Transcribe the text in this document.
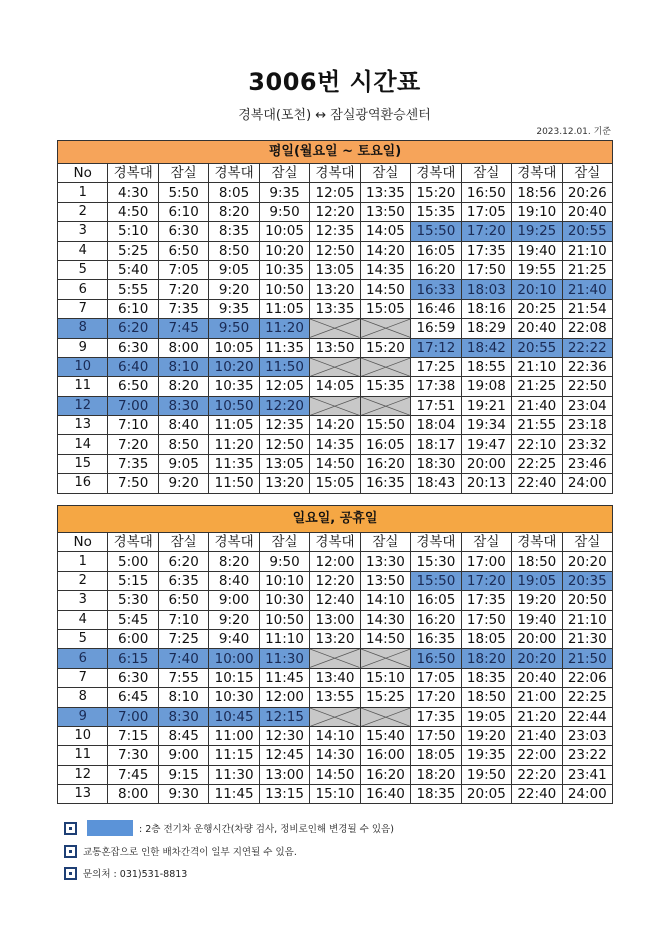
3006번 시간표
경복대(포천) ↔ 잠실광역환승센터
2023.12.01. 기준
평일(월요일 ~ 토요일)										
No	경복대	잠실	경복대	잠실	경복대	잠실	경복대	잠실	경복대	잠실
1	4:30	5:50	8:05	9:35	12:05	13:35	15:20	16:50	18:56	20:26
2	4:50	6:10	8:20	9:50	12:20	13:50	15:35	17:05	19:10	20:40
3	5:10	6:30	8:35	10:05	12:35	14:05	15:50	17:20	19:25	20:55
4	5:25	6:50	8:50	10:20	12:50	14:20	16:05	17:35	19:40	21:10
5	5:40	7:05	9:05	10:35	13:05	14:35	16:20	17:50	19:55	21:25
6	5:55	7:20	9:20	10:50	13:20	14:50	16:33	18:03	20:10	21:40
7	6:10	7:35	9:35	11:05	13:35	15:05	16:46	18:16	20:25	21:54
8	6:20	7:45	9:50	11:20			16:59	18:29	20:40	22:08
9	6:30	8:00	10:05	11:35	13:50	15:20	17:12	18:42	20:55	22:22
10	6:40	8:10	10:20	11:50			17:25	18:55	21:10	22:36
11	6:50	8:20	10:35	12:05	14:05	15:35	17:38	19:08	21:25	22:50
12	7:00	8:30	10:50	12:20			17:51	19:21	21:40	23:04
13	7:10	8:40	11:05	12:35	14:20	15:50	18:04	19:34	21:55	23:18
14	7:20	8:50	11:20	12:50	14:35	16:05	18:17	19:47	22:10	23:32
15	7:35	9:05	11:35	13:05	14:50	16:20	18:30	20:00	22:25	23:46
16	7:50	9:20	11:50	13:20	15:05	16:35	18:43	20:13	22:40	24:00
일요일, 공휴일										
No	경복대	잠실	경복대	잠실	경복대	잠실	경복대	잠실	경복대	잠실
1	5:00	6:20	8:20	9:50	12:00	13:30	15:30	17:00	18:50	20:20
2	5:15	6:35	8:40	10:10	12:20	13:50	15:50	17:20	19:05	20:35
3	5:30	6:50	9:00	10:30	12:40	14:10	16:05	17:35	19:20	20:50
4	5:45	7:10	9:20	10:50	13:00	14:30	16:20	17:50	19:40	21:10
5	6:00	7:25	9:40	11:10	13:20	14:50	16:35	18:05	20:00	21:30
6	6:15	7:40	10:00	11:30			16:50	18:20	20:20	21:50
7	6:30	7:55	10:15	11:45	13:40	15:10	17:05	18:35	20:40	22:06
8	6:45	8:10	10:30	12:00	13:55	15:25	17:20	18:50	21:00	22:25
9	7:00	8:30	10:45	12:15			17:35	19:05	21:20	22:44
10	7:15	8:45	11:00	12:30	14:10	15:40	17:50	19:20	21:40	23:03
11	7:30	9:00	11:15	12:45	14:30	16:00	18:05	19:35	22:00	23:22
12	7:45	9:15	11:30	13:00	14:50	16:20	18:20	19:50	22:20	23:41
13	8:00	9:30	11:45	13:15	15:10	16:40	18:35	20:05	22:40	24:00
: 2층 전기차 운행시간(차량 검사, 정비로인해 변경될 수 있음)
교통혼잡으로 인한 배차간격이 일부 지연될 수 있음.
문의처 : 031)531-8813
